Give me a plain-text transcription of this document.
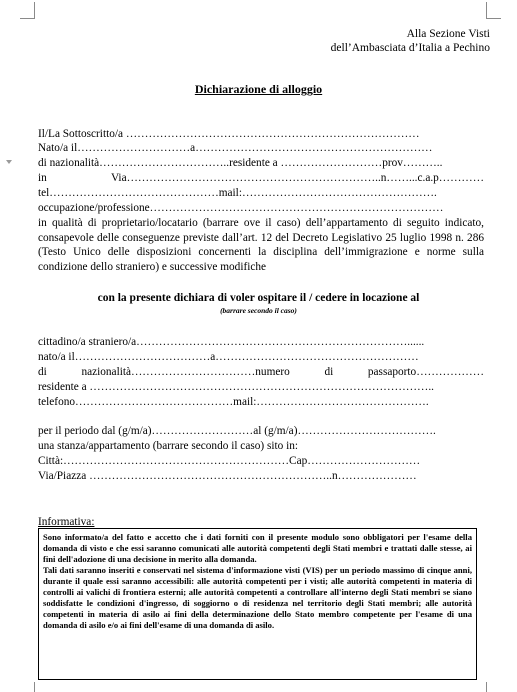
Alla Sezione Visti
dell’Ambasciata d’Italia a Pechino
Dichiarazione di alloggio
Il/La Sottoscritto/a ……………………………………………………………………
Nato/a il…………………………a………………………………………………………
di nazionalità……………………………..residente a ………………………prov………..
in Via…………………………………………………………..n……...c.a.p…………
tel………………………………………mail:…………………………………………….
occupazione/professione……………………………………………………………………
in qualità di proprietario/locatario (barrare ove il caso) dell’appartamento di seguito indicato, consapevole delle conseguenze previste dall’art. 12 del Decreto Legislativo 25 luglio 1998 n. 286 (Testo Unico delle disposizioni concernenti la disciplina dell’immigrazione e norme sulla condizione dello straniero) e successive modifiche
con la presente dichiara di voler ospitare il / cedere in locazione al
(barrare secondo il caso)
cittadino/a straniero/a………………………………………………………………......
nato/a il………………………………a………………………………………………
di nazionalità……………………………numero di passaporto………………
residente a ………………………………………………………………………………..
telefono……………………………………mail:……………………………………….
per il periodo dal (g/m/a)………………………al (g/m/a)……………………………….
una stanza/appartamento (barrare secondo il caso) sito in:
Città:……………………………………………………Cap…………………………
Via/Piazza ………………………………………………………..n…………………
Informativa:

Sono informato/a del fatto e accetto che i dati forniti con il presente modulo sono obbligatori per l'esame della domanda di visto e che essi saranno comunicati alle autorità competenti degli Stati membri e trattati dalle stesse, ai fini dell'adozione di una decisione in merito alla domanda.

Tali dati saranno inseriti e conservati nel sistema d'informazione visti (VIS) per un periodo massimo di cinque anni, durante il quale essi saranno accessibili: alle autorità competenti per i visti; alle autorità competenti in materia di controlli ai valichi di frontiera esterni; alle autorità competenti a controllare all'interno degli Stati membri se siano soddisfatte le condizioni d'ingresso, di soggiorno o di residenza nel territorio degli Stati membri; alle autorità competenti in materia di asilo ai fini della determinazione dello Stato membro competente per l'esame di una domanda di asilo e/o ai fini dell'esame di una domanda di asilo.
